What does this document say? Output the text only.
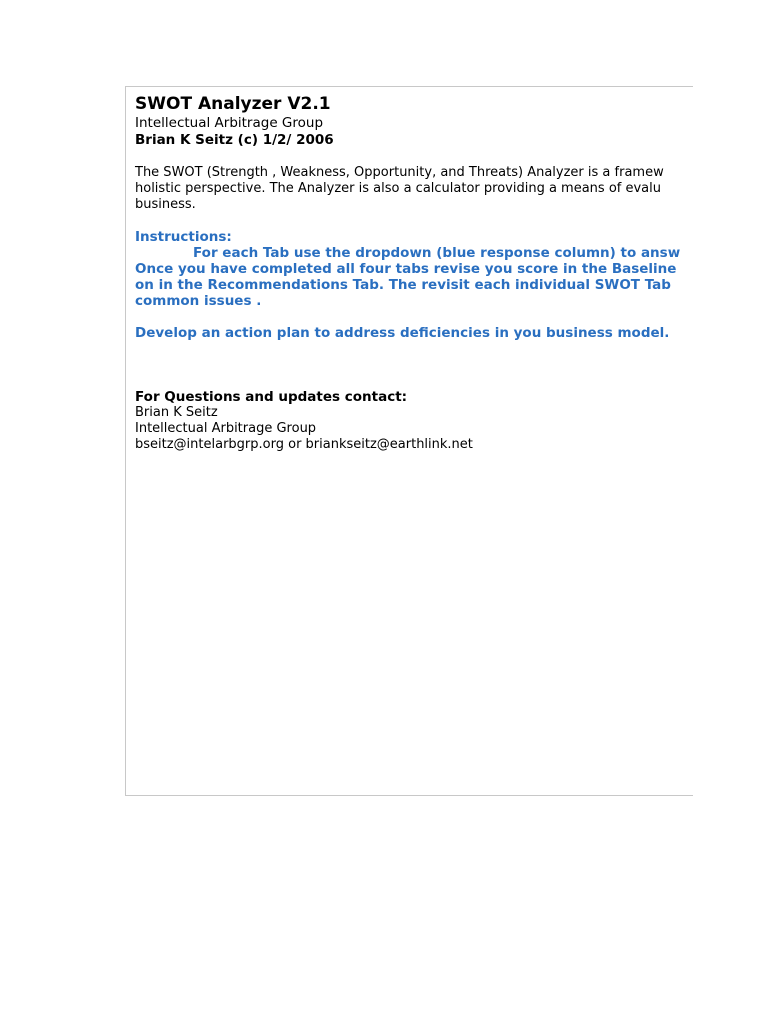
SWOT Analyzer V2.1
Intellectual Arbitrage Group
Brian K Seitz (c) 1/2/ 2006
The SWOT (Strength , Weakness, Opportunity, and Threats) Analyzer is a framew
holistic perspective. The Analyzer is also a calculator providing a means of evalu
business.
Instructions:
For each Tab use the dropdown (blue response column) to answ
Once you have completed all four tabs revise you score in the Baseline
on in the Recommendations Tab. The revisit each individual SWOT Tab
common issues .
Develop an action plan to address deficiencies in you business model.
For Questions and updates contact:
Brian K Seitz
Intellectual Arbitrage Group
bseitz@intelarbgrp.org or briankseitz@earthlink.net
